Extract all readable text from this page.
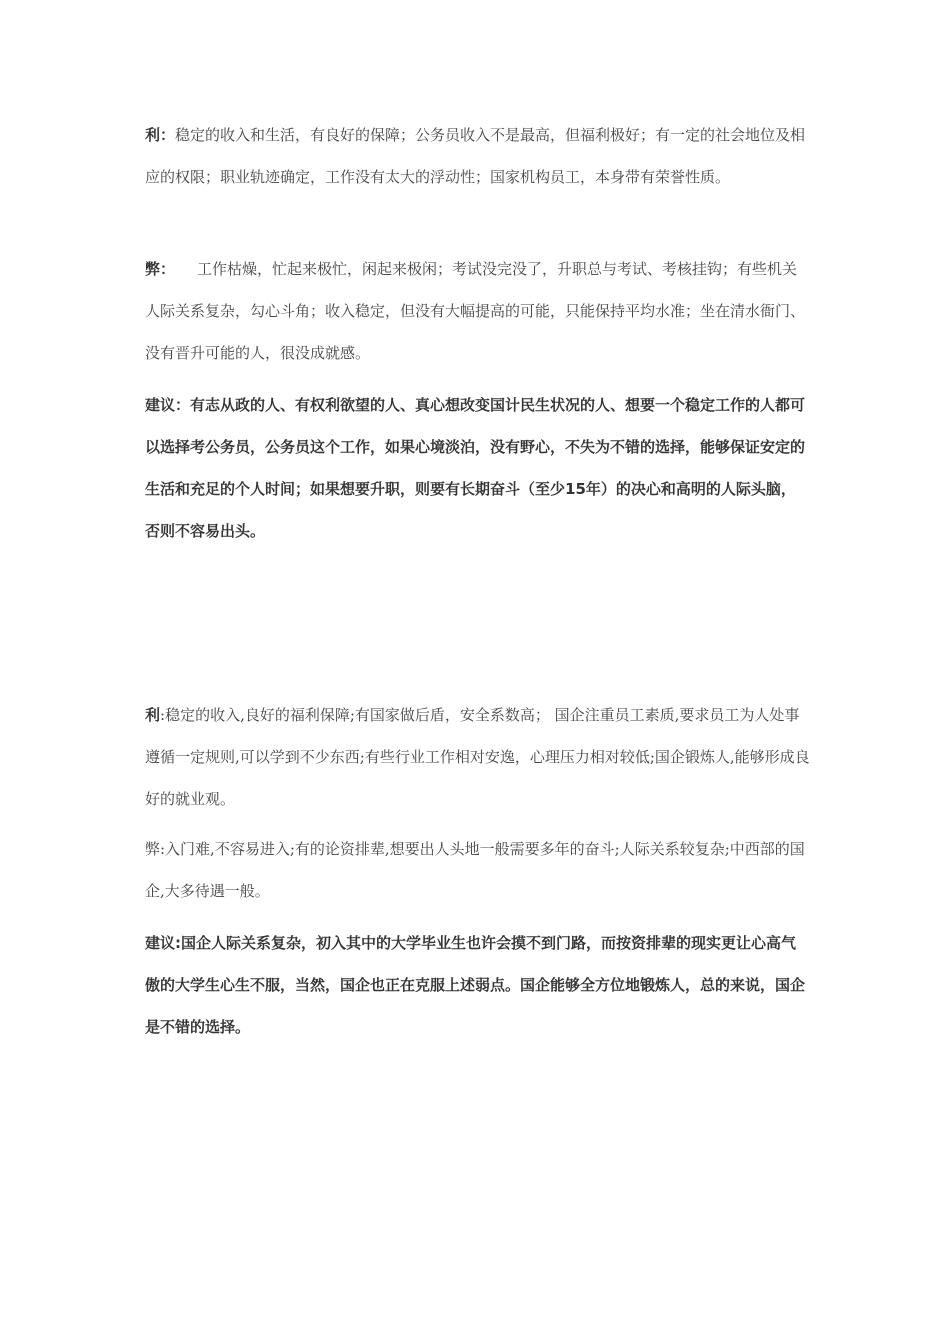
利：稳定的收入和生活，有良好的保障；公务员收入不是最高，但福利极好；有一定的社会地位及相应的权限；职业轨迹确定，工作没有太大的浮动性；国家机构员工，本身带有荣誉性质。

弊： 工作枯燥，忙起来极忙，闲起来极闲；考试没完没了，升职总与考试、考核挂钩；有些机关人际关系复杂，勾心斗角；收入稳定，但没有大幅提高的可能，只能保持平均水准；坐在清水衙门、没有晋升可能的人，很没成就感。

建议：有志从政的人、有权利欲望的人、真心想改变国计民生状况的人、想要一个稳定工作的人都可以选择考公务员，公务员这个工作，如果心境淡泊，没有野心，不失为不错的选择，能够保证安定的生活和充足的个人时间；如果想要升职，则要有长期奋斗（至少15年）的决心和高明的人际头脑，否则不容易出头。

利:稳定的收入,良好的福利保障;有国家做后盾，安全系数高； 国企注重员工素质,要求员工为人处事遵循一定规则,可以学到不少东西;有些行业工作相对安逸，心理压力相对较低;国企锻炼人,能够形成良好的就业观。

弊:入门难,不容易进入;有的论资排辈,想要出人头地一般需要多年的奋斗;人际关系较复杂;中西部的国企,大多待遇一般。

建议:国企人际关系复杂，初入其中的大学毕业生也许会摸不到门路，而按资排辈的现实更让心高气傲的大学生心生不服，当然，国企也正在克服上述弱点。国企能够全方位地锻炼人，总的来说，国企是不错的选择。
